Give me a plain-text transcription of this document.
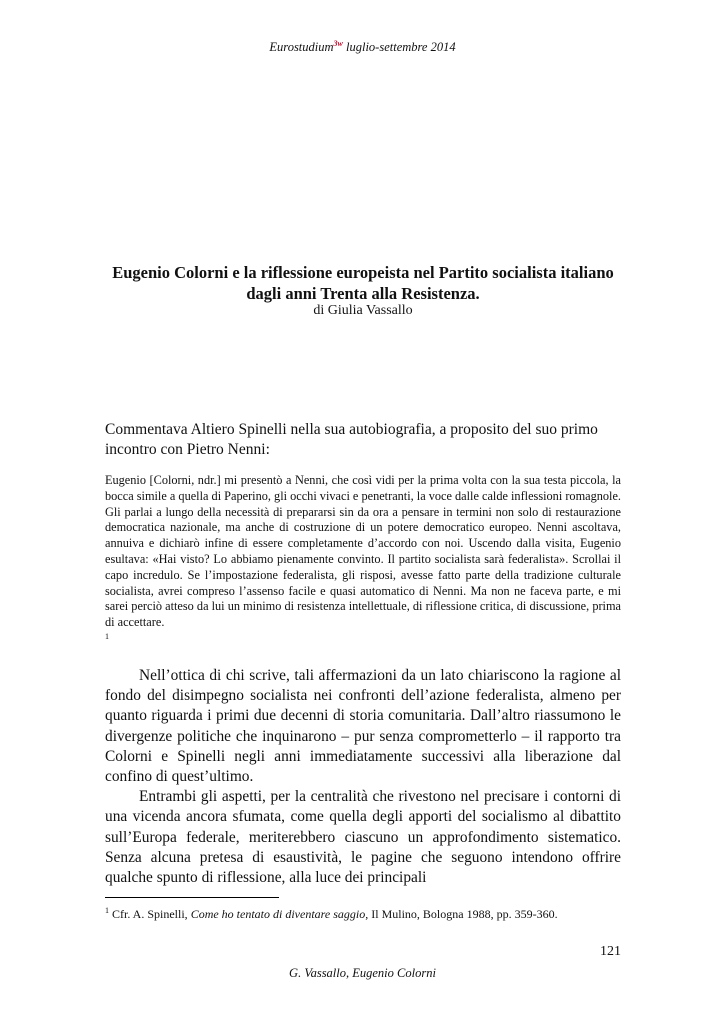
Eurostudium$^{3w}$ luglio-settembre 2014
Eugenio Colorni e la riflessione europeista nel Partito socialista italiano
dagli anni Trenta alla Resistenza.
di Giulia Vassallo
Commentava Altiero Spinelli nella sua autobiografia, a proposito del suo primo incontro con Pietro Nenni:
Eugenio [Colorni, ndr.] mi presentò a Nenni, che così vidi per la prima volta con la sua testa piccola, la bocca simile a quella di Paperino, gli occhi vivaci e penetranti, la voce dalle calde inflessioni romagnole. Gli parlai a lungo della necessità di prepararsi sin da ora a pensare in termini non solo di restaurazione democratica nazionale, ma anche di costruzione di un potere democratico europeo. Nenni ascoltava, annuiva e dichiarò infine di essere completamente d’accordo con noi. Uscendo dalla visita, Eugenio esultava: «Hai visto? Lo abbiamo pienamente convinto. Il partito socialista sarà federalista». Scrollai il capo incredulo. Se l’impostazione federalista, gli risposi, avesse fatto parte della tradizione culturale socialista, avrei compreso l’assenso facile e quasi automatico di Nenni. Ma non ne faceva parte, e mi sarei perciò atteso da lui un minimo di resistenza intellettuale, di riflessione critica, di discussione, prima di accettare.
1

Nell’ottica di chi scrive, tali affermazioni da un lato chiariscono la ragione al fondo del disimpegno socialista nei confronti dell’azione federalista, almeno per quanto riguarda i primi due decenni di storia comunitaria. Dall’altro riassumono le divergenze politiche che inquinarono – pur senza comprometterlo – il rapporto tra Colorni e Spinelli negli anni immediatamente successivi alla liberazione dal confino di quest’ultimo.

Entrambi gli aspetti, per la centralità che rivestono nel precisare i contorni di una vicenda ancora sfumata, come quella degli apporti del socialismo al dibattito sull’Europa federale, meriterebbero ciascuno un approfondimento sistematico. Senza alcuna pretesa di esaustività, le pagine che seguono intendono offrire qualche spunto di riflessione, alla luce dei principali

$^1$ Cfr. A. Spinelli, Come ho tentato di diventare saggio, Il Mulino, Bologna 1988, pp. 359-360.
121
G. Vassallo, Eugenio Colorni
